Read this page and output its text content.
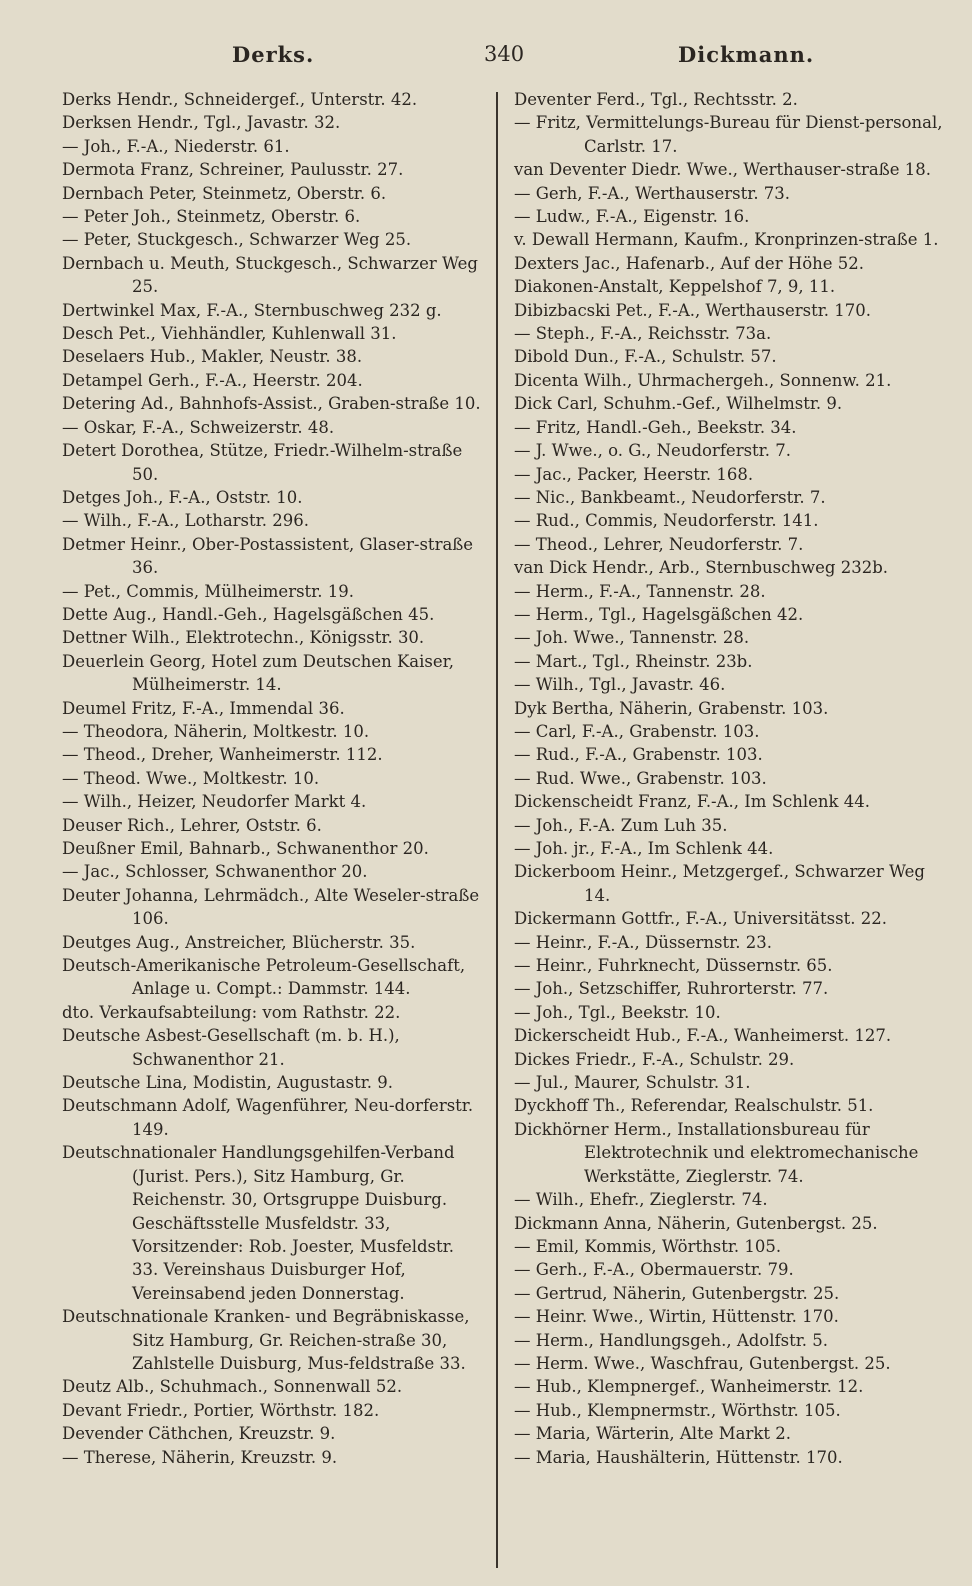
Derks.	340	Dickmann.
Derks Hendr., Schneidergef., Unterstr. 42.
Derksen Hendr., Tgl., Javastr. 32.
— Joh., F.-A., Niederstr. 61.
Dermota Franz, Schreiner, Paulusstr. 27.
Dernbach Peter, Steinmetz, Oberstr. 6.
— Peter Joh., Steinmetz, Oberstr. 6.
— Peter, Stuckgesch., Schwarzer Weg 25.
Dernbach u. Meuth, Stuckgesch., Schwarzer Weg 25.
Dertwinkel Max, F.-A., Sternbuschweg 232 g.
Desch Pet., Viehhändler, Kuhlenwall 31.
Deselaers Hub., Makler, Neustr. 38.
Detampel Gerh., F.-A., Heerstr. 204.
Detering Ad., Bahnhofs-Assist., Graben-straße 10.
— Oskar, F.-A., Schweizerstr. 48.
Detert Dorothea, Stütze, Friedr.-Wilhelm-straße 50.
Detges Joh., F.-A., Oststr. 10.
— Wilh., F.-A., Lotharstr. 296.
Detmer Heinr., Ober-Postassistent, Glaser-straße 36.
— Pet., Commis, Mülheimerstr. 19.
Dette Aug., Handl.-Geh., Hagelsgäßchen 45.
Dettner Wilh., Elektrotechn., Königsstr. 30.
Deuerlein Georg, Hotel zum Deutschen Kaiser, Mülheimerstr. 14.
Deumel Fritz, F.-A., Immendal 36.
— Theodora, Näherin, Moltkestr. 10.
— Theod., Dreher, Wanheimerstr. 112.
— Theod. Wwe., Moltkestr. 10.
— Wilh., Heizer, Neudorfer Markt 4.
Deuser Rich., Lehrer, Oststr. 6.
Deußner Emil, Bahnarb., Schwanenthor 20.
— Jac., Schlosser, Schwanenthor 20.
Deuter Johanna, Lehrmädch., Alte Weseler-straße 106.
Deutges Aug., Anstreicher, Blücherstr. 35.
Deutsch-Amerikanische Petroleum-Gesellschaft, Anlage u. Compt.: Dammstr. 144.
dto. Verkaufsabteilung: vom Rathstr. 22.
Deutsche Asbest-Gesellschaft (m. b. H.), Schwanenthor 21.
Deutsche Lina, Modistin, Augustastr. 9.
Deutschmann Adolf, Wagenführer, Neu-dorferstr. 149.
Deutschnationaler Handlungsgehilfen-Verband (Jurist. Pers.), Sitz Hamburg, Gr. Reichenstr. 30, Ortsgruppe Duisburg. Geschäftsstelle Musfeldstr. 33, Vorsitzender: Rob. Joester, Musfeldstr. 33. Vereinshaus Duisburger Hof, Vereinsabend jeden Donnerstag.
Deutschnationale Kranken- und Begräbniskasse, Sitz Hamburg, Gr. Reichen-straße 30, Zahlstelle Duisburg, Mus-feldstraße 33.
Deutz Alb., Schuhmach., Sonnenwall 52.
Devant Friedr., Portier, Wörthstr. 182.
Devender Cäthchen, Kreuzstr. 9.
— Therese, Näherin, Kreuzstr. 9.
Deventer Ferd., Tgl., Rechtsstr. 2.
— Fritz, Vermittelungs-Bureau für Dienst-personal, Carlstr. 17.
van Deventer Diedr. Wwe., Werthauser-straße 18.
— Gerh, F.-A., Werthauserstr. 73.
— Ludw., F.-A., Eigenstr. 16.
v. Dewall Hermann, Kaufm., Kronprinzen-straße 1.
Dexters Jac., Hafenarb., Auf der Höhe 52.
Diakonen-Anstalt, Keppelshof 7, 9, 11.
Dibizbacski Pet., F.-A., Werthauserstr. 170.
— Steph., F.-A., Reichsstr. 73a.
Dibold Dun., F.-A., Schulstr. 57.
Dicenta Wilh., Uhrmachergeh., Sonnenw. 21.
Dick Carl, Schuhm.-Gef., Wilhelmstr. 9.
— Fritz, Handl.-Geh., Beekstr. 34.
— J. Wwe., o. G., Neudorferstr. 7.
— Jac., Packer, Heerstr. 168.
— Nic., Bankbeamt., Neudorferstr. 7.
— Rud., Commis, Neudorferstr. 141.
— Theod., Lehrer, Neudorferstr. 7.
van Dick Hendr., Arb., Sternbuschweg 232b.
— Herm., F.-A., Tannenstr. 28.
— Herm., Tgl., Hagelsgäßchen 42.
— Joh. Wwe., Tannenstr. 28.
— Mart., Tgl., Rheinstr. 23b.
— Wilh., Tgl., Javastr. 46.
Dyk Bertha, Näherin, Grabenstr. 103.
— Carl, F.-A., Grabenstr. 103.
— Rud., F.-A., Grabenstr. 103.
— Rud. Wwe., Grabenstr. 103.
Dickenscheidt Franz, F.-A., Im Schlenk 44.
— Joh., F.-A. Zum Luh 35.
— Joh. jr., F.-A., Im Schlenk 44.
Dickerboom Heinr., Metzgergef., Schwarzer Weg 14.
Dickermann Gottfr., F.-A., Universitätsst. 22.
— Heinr., F.-A., Düssernstr. 23.
— Heinr., Fuhrknecht, Düssernstr. 65.
— Joh., Setzschiffer, Ruhrorterstr. 77.
— Joh., Tgl., Beekstr. 10.
Dickerscheidt Hub., F.-A., Wanheimerst. 127.
Dickes Friedr., F.-A., Schulstr. 29.
— Jul., Maurer, Schulstr. 31.
Dyckhoff Th., Referendar, Realschulstr. 51.
Dickhörner Herm., Installationsbureau für Elektrotechnik und elektromechanische Werkstätte, Zieglerstr. 74.
— Wilh., Ehefr., Zieglerstr. 74.
Dickmann Anna, Näherin, Gutenbergst. 25.
— Emil, Kommis, Wörthstr. 105.
— Gerh., F.-A., Obermauerstr. 79.
— Gertrud, Näherin, Gutenbergstr. 25.
— Heinr. Wwe., Wirtin, Hüttenstr. 170.
— Herm., Handlungsgeh., Adolfstr. 5.
— Herm. Wwe., Waschfrau, Gutenbergst. 25.
— Hub., Klempnergef., Wanheimerstr. 12.
— Hub., Klempnermstr., Wörthstr. 105.
— Maria, Wärterin, Alte Markt 2.
— Maria, Haushälterin, Hüttenstr. 170.
